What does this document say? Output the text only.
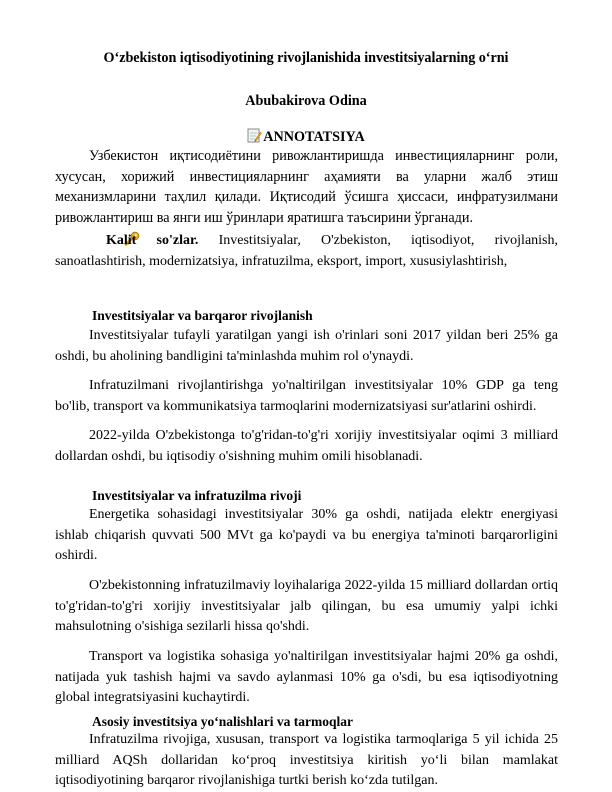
O‘zbekiston iqtisodiyotining rivojlanishida investitsiyalarning o‘rni
Abubakirova Odina
ANNOTATSIYA

Узбекистон иқтисодиётини ривожлантиришда инвестицияларнинг роли, хусусан, хорижий инвестицияларнинг аҳамияти ва уларни жалб этиш механизмларини таҳлил қилади. Иқтисодий ўсишга ҳиссаси, инфратузилмани ривожлантириш ва янги иш ўринлари яратишга таъсирини ўрганади.

Kalit so'zlar. Investitsiyalar, O'zbekiston, iqtisodiyot, rivojlanish, sanoatlashtirish, modernizatsiya, infratuzilma, eksport, import, xususiylashtirish,

Investitsiyalar va barqaror rivojlanish

Investitsiyalar tufayli yaratilgan yangi ish o'rinlari soni 2017 yildan beri 25% ga oshdi, bu aholining bandligini ta'minlashda muhim rol o'ynaydi.

Infratuzilmani rivojlantirishga yo'naltirilgan investitsiyalar 10% GDP ga teng bo'lib, transport va kommunikatsiya tarmoqlarini modernizatsiyasi sur'atlarini oshirdi.

2022-yilda O'zbekistonga to'g'ridan-to'g'ri xorijiy investitsiyalar oqimi 3 milliard dollardan oshdi, bu iqtisodiy o'sishning muhim omili hisoblanadi.

Investitsiyalar va infratuzilma rivoji

Energetika sohasidagi investitsiyalar 30% ga oshdi, natijada elektr energiyasi ishlab chiqarish quvvati 500 MVt ga ko'paydi va bu energiya ta'minoti barqarorligini oshirdi.

O'zbekistonning infratuzilmaviy loyihalariga 2022-yilda 15 milliard dollardan ortiq to'g'ridan-to'g'ri xorijiy investitsiyalar jalb qilingan, bu esa umumiy yalpi ichki mahsulotning o'sishiga sezilarli hissa qo'shdi.

Transport va logistika sohasiga yo'naltirilgan investitsiyalar hajmi 20% ga oshdi, natijada yuk tashish hajmi va savdo aylanmasi 10% ga o'sdi, bu esa iqtisodiyotning global integratsiyasini kuchaytirdi.

Asosiy investitsiya yo‘nalishlari va tarmoqlar

Infratuzilma rivojiga, xususan, transport va logistika tarmoqlariga 5 yil ichida 25 milliard AQSh dollaridan ko‘proq investitsiya kiritish yo‘li bilan mamlakat iqtisodiyotining barqaror rivojlanishiga turtki berish ko‘zda tutilgan.
